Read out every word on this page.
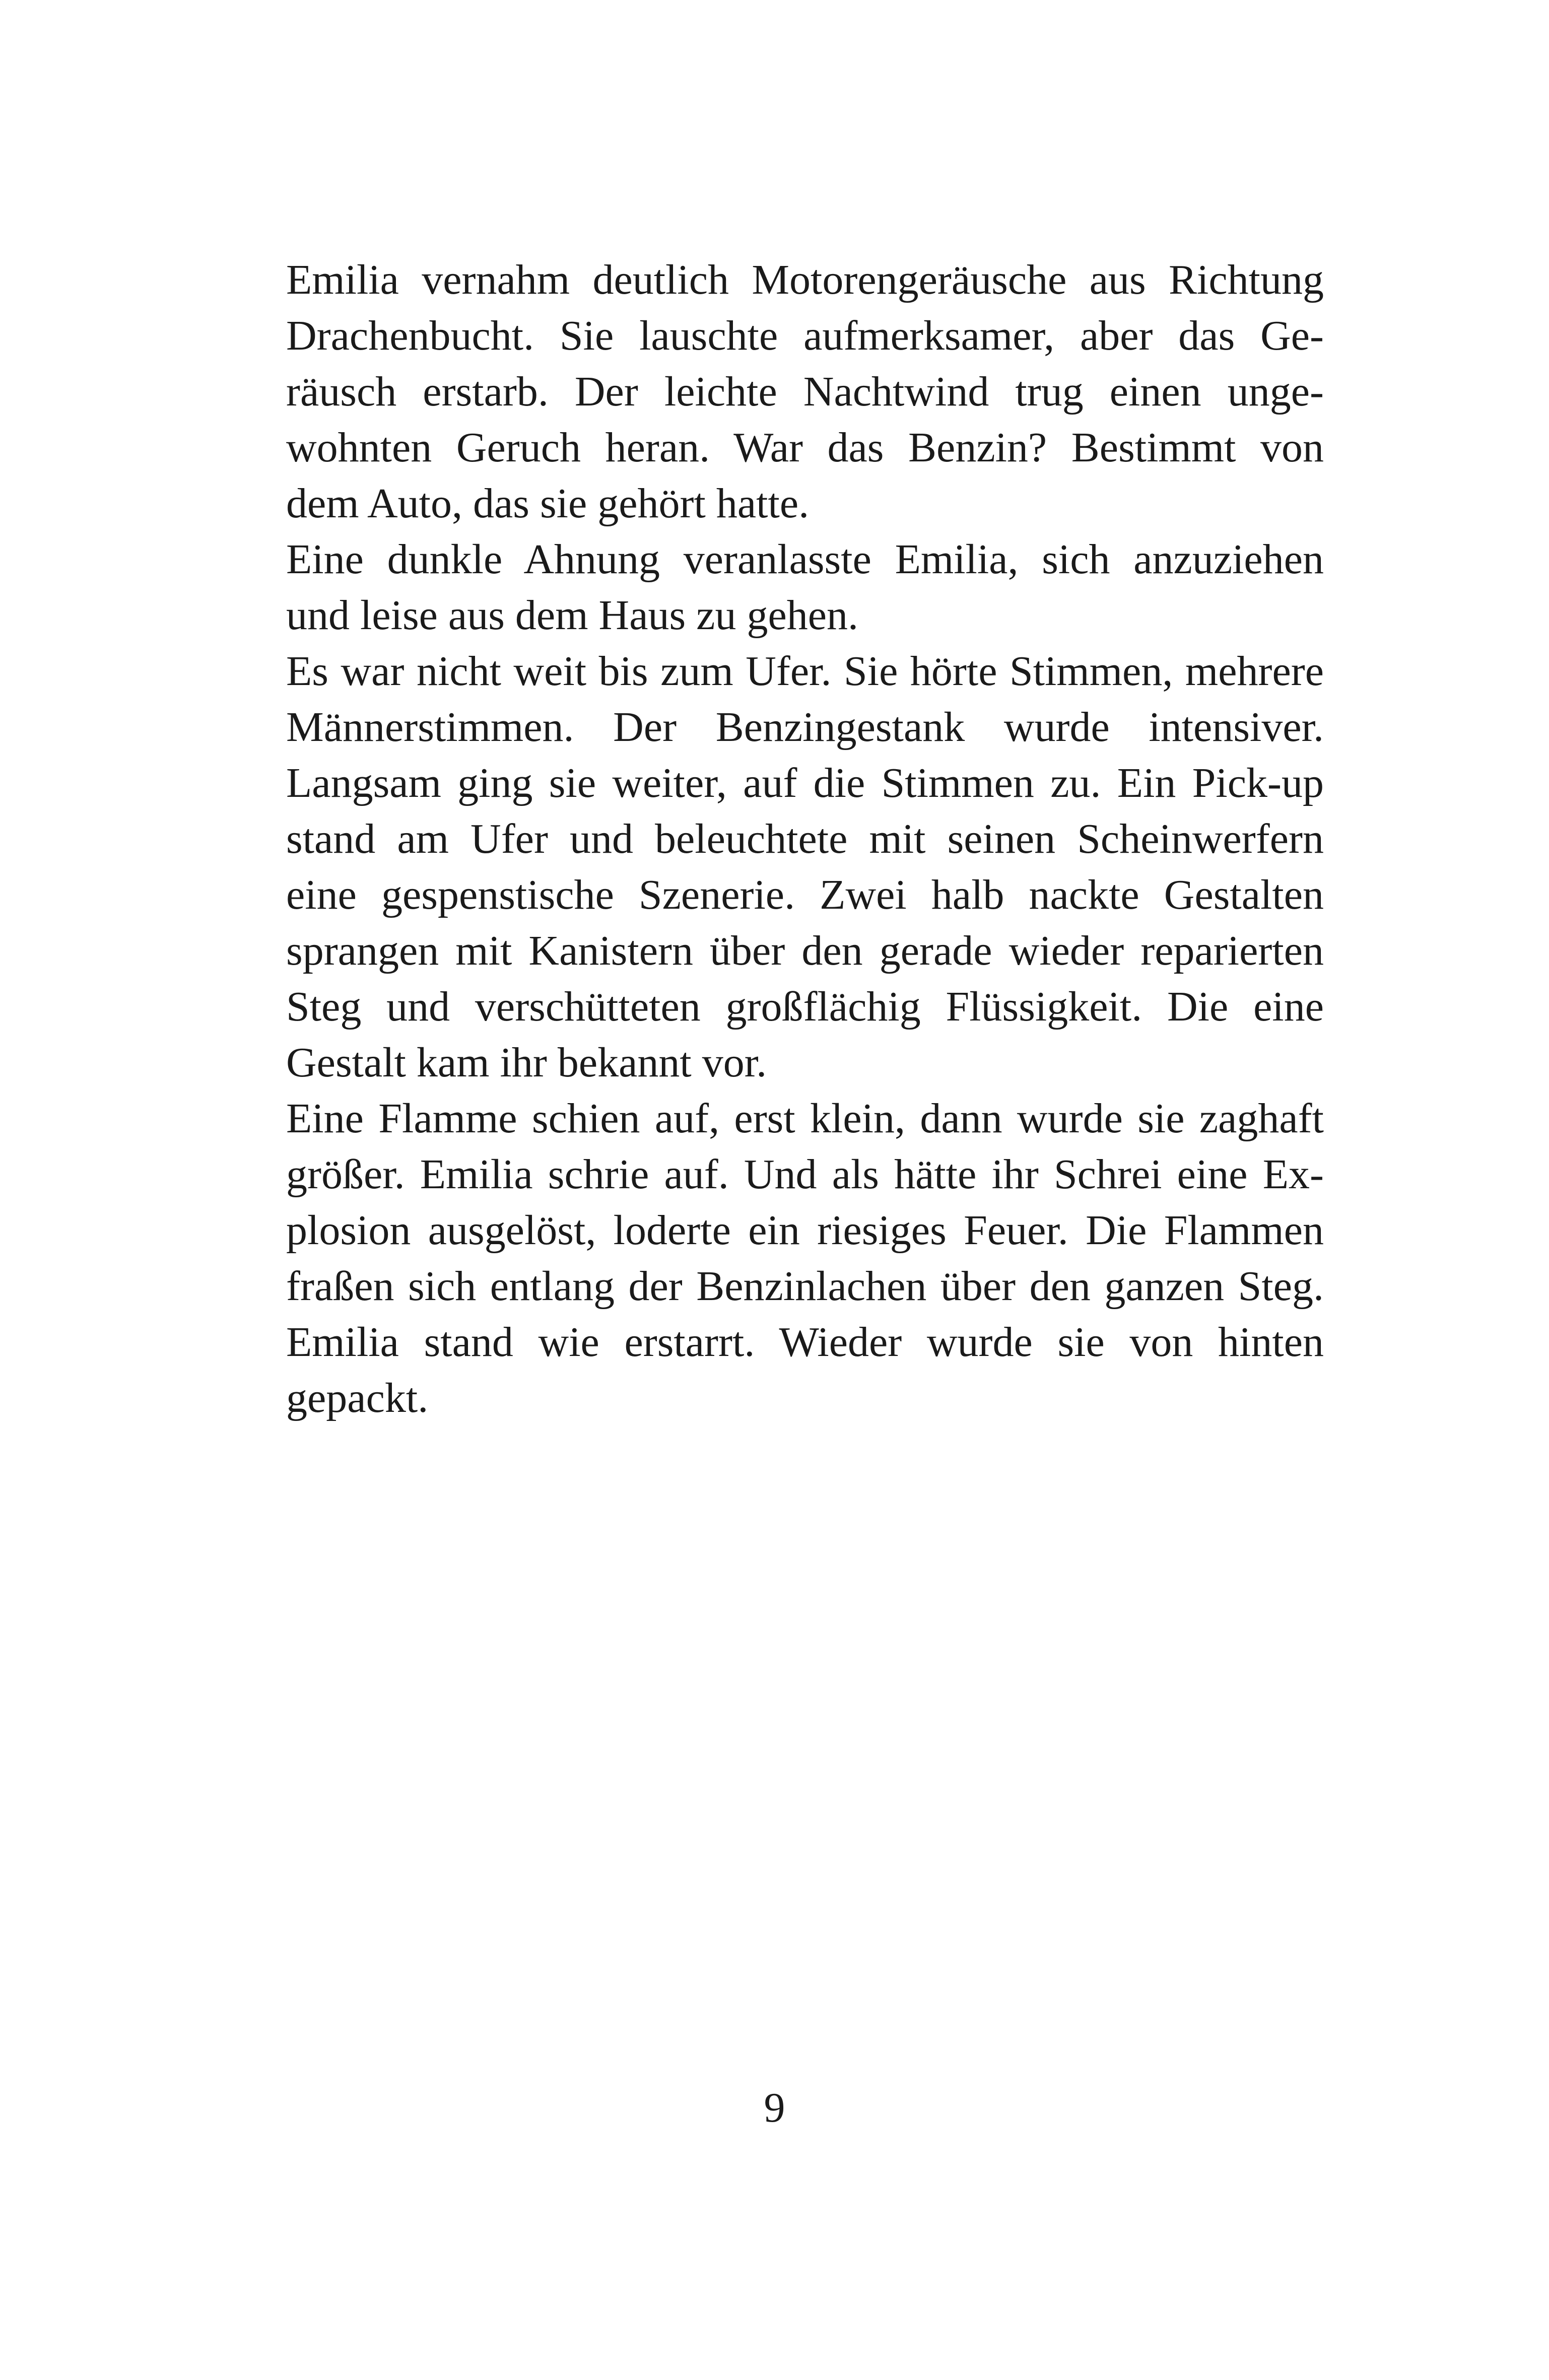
Emilia vernahm deutlich Motorengeräusche aus Richtung
Drachenbucht. Sie lauschte aufmerksamer, aber das Ge-
räusch erstarb. Der leichte Nachtwind trug einen unge-
wohnten Geruch heran. War das Benzin? Bestimmt von
dem Auto, das sie gehört hatte.
Eine dunkle Ahnung veranlasste Emilia, sich anzuziehen
und leise aus dem Haus zu gehen.
Es war nicht weit bis zum Ufer. Sie hörte Stimmen, mehrere
Männerstimmen. Der Benzingestank wurde intensiver.
Langsam ging sie weiter, auf die Stimmen zu. Ein Pick-up
stand am Ufer und beleuchtete mit seinen Scheinwerfern
eine gespenstische Szenerie. Zwei halb nackte Gestalten
sprangen mit Kanistern über den gerade wieder reparierten
Steg und verschütteten großflächig Flüssigkeit. Die eine
Gestalt kam ihr bekannt vor.
Eine Flamme schien auf, erst klein, dann wurde sie zaghaft
größer. Emilia schrie auf. Und als hätte ihr Schrei eine Ex-
plosion ausgelöst, loderte ein riesiges Feuer. Die Flammen
fraßen sich entlang der Benzinlachen über den ganzen Steg.
Emilia stand wie erstarrt. Wieder wurde sie von hinten
gepackt.
9
